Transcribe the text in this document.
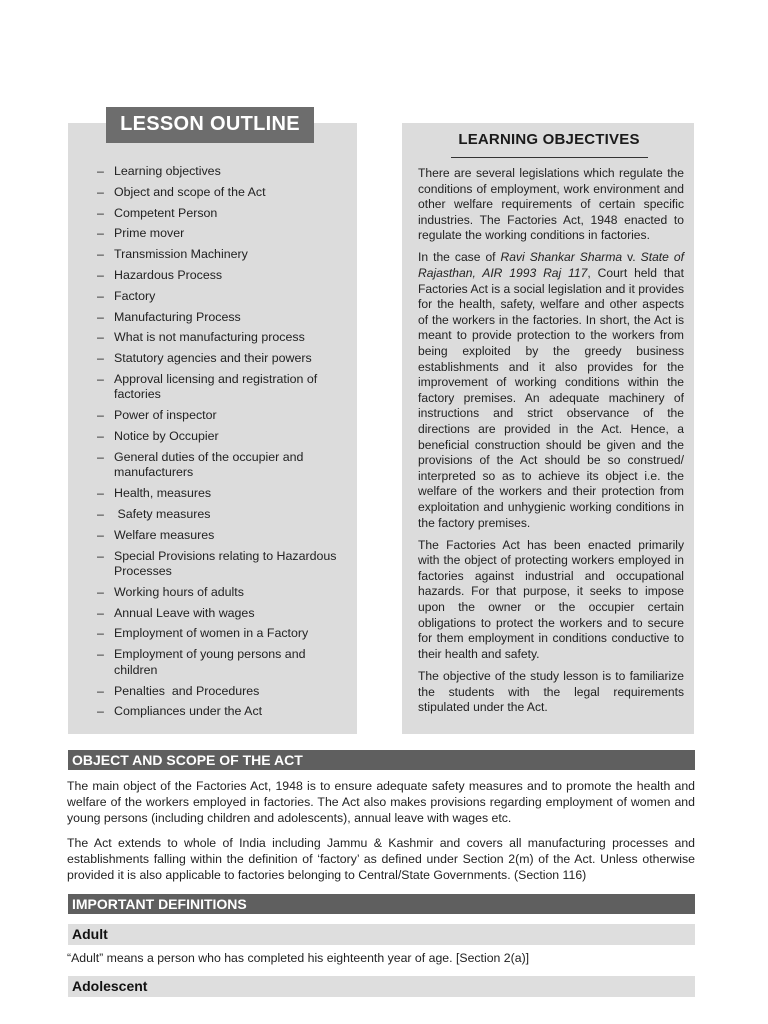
LESSON OUTLINE
– Learning objectives
– Object and scope of the Act
– Competent Person
– Prime mover
– Transmission Machinery
– Hazardous Process
– Factory
– Manufacturing Process
– What is not manufacturing process
– Statutory agencies and their powers
– Approval licensing and registration of factories
– Power of inspector
– Notice by Occupier
– General duties of the occupier and manufacturers
– Health, measures
–  Safety measures
– Welfare measures
– Special Provisions relating to Hazardous Processes
– Working hours of adults
– Annual Leave with wages
– Employment of women in a Factory
– Employment of young persons and children
– Penalties  and Procedures
– Compliances under the Act
LEARNING OBJECTIVES

There are several legislations which regulate the conditions of employment, work environment and other welfare requirements of certain specific industries. The Factories Act, 1948 enacted to regulate the working conditions in factories.

In the case of Ravi Shankar Sharma v. State of Rajasthan, AIR 1993 Raj 117, Court held that Factories Act is a social legislation and it provides for the health, safety, welfare and other aspects of the workers in the factories. In short, the Act is meant to provide protection to the workers from being exploited by the greedy business establishments and it also provides for the improvement of working conditions within the factory premises. An adequate machinery of instructions and strict observance of the directions are provided in the Act. Hence, a beneficial construction should be given and the provisions of the Act should be so construed/ interpreted so as to achieve its object i.e. the welfare of the workers and their protection from exploitation and unhygienic working conditions in the factory premises.

The Factories Act has been enacted primarily with the object of protecting workers employed in factories against industrial and occupational hazards. For that purpose, it seeks to impose upon the owner or the occupier certain obligations to protect the workers and to secure for them employment in conditions conductive to their health and safety.

The objective of the study lesson is to familiarize the students with the legal requirements stipulated under the Act.

OBJECT AND SCOPE OF THE ACT

The main object of the Factories Act, 1948 is to ensure adequate safety measures and to promote the health and welfare of the workers employed in factories. The Act also makes provisions regarding employment of women and young persons (including children and adolescents), annual leave with wages etc.

The Act extends to whole of India including Jammu & Kashmir and covers all manufacturing processes and establishments falling within the definition of ‘factory’ as defined under Section 2(m) of the Act. Unless otherwise provided it is also applicable to factories belonging to Central/State Governments. (Section 116)

IMPORTANT DEFINITIONS
Adult

“Adult” means a person who has completed his eighteenth year of age. [Section 2(a)]

Adolescent
